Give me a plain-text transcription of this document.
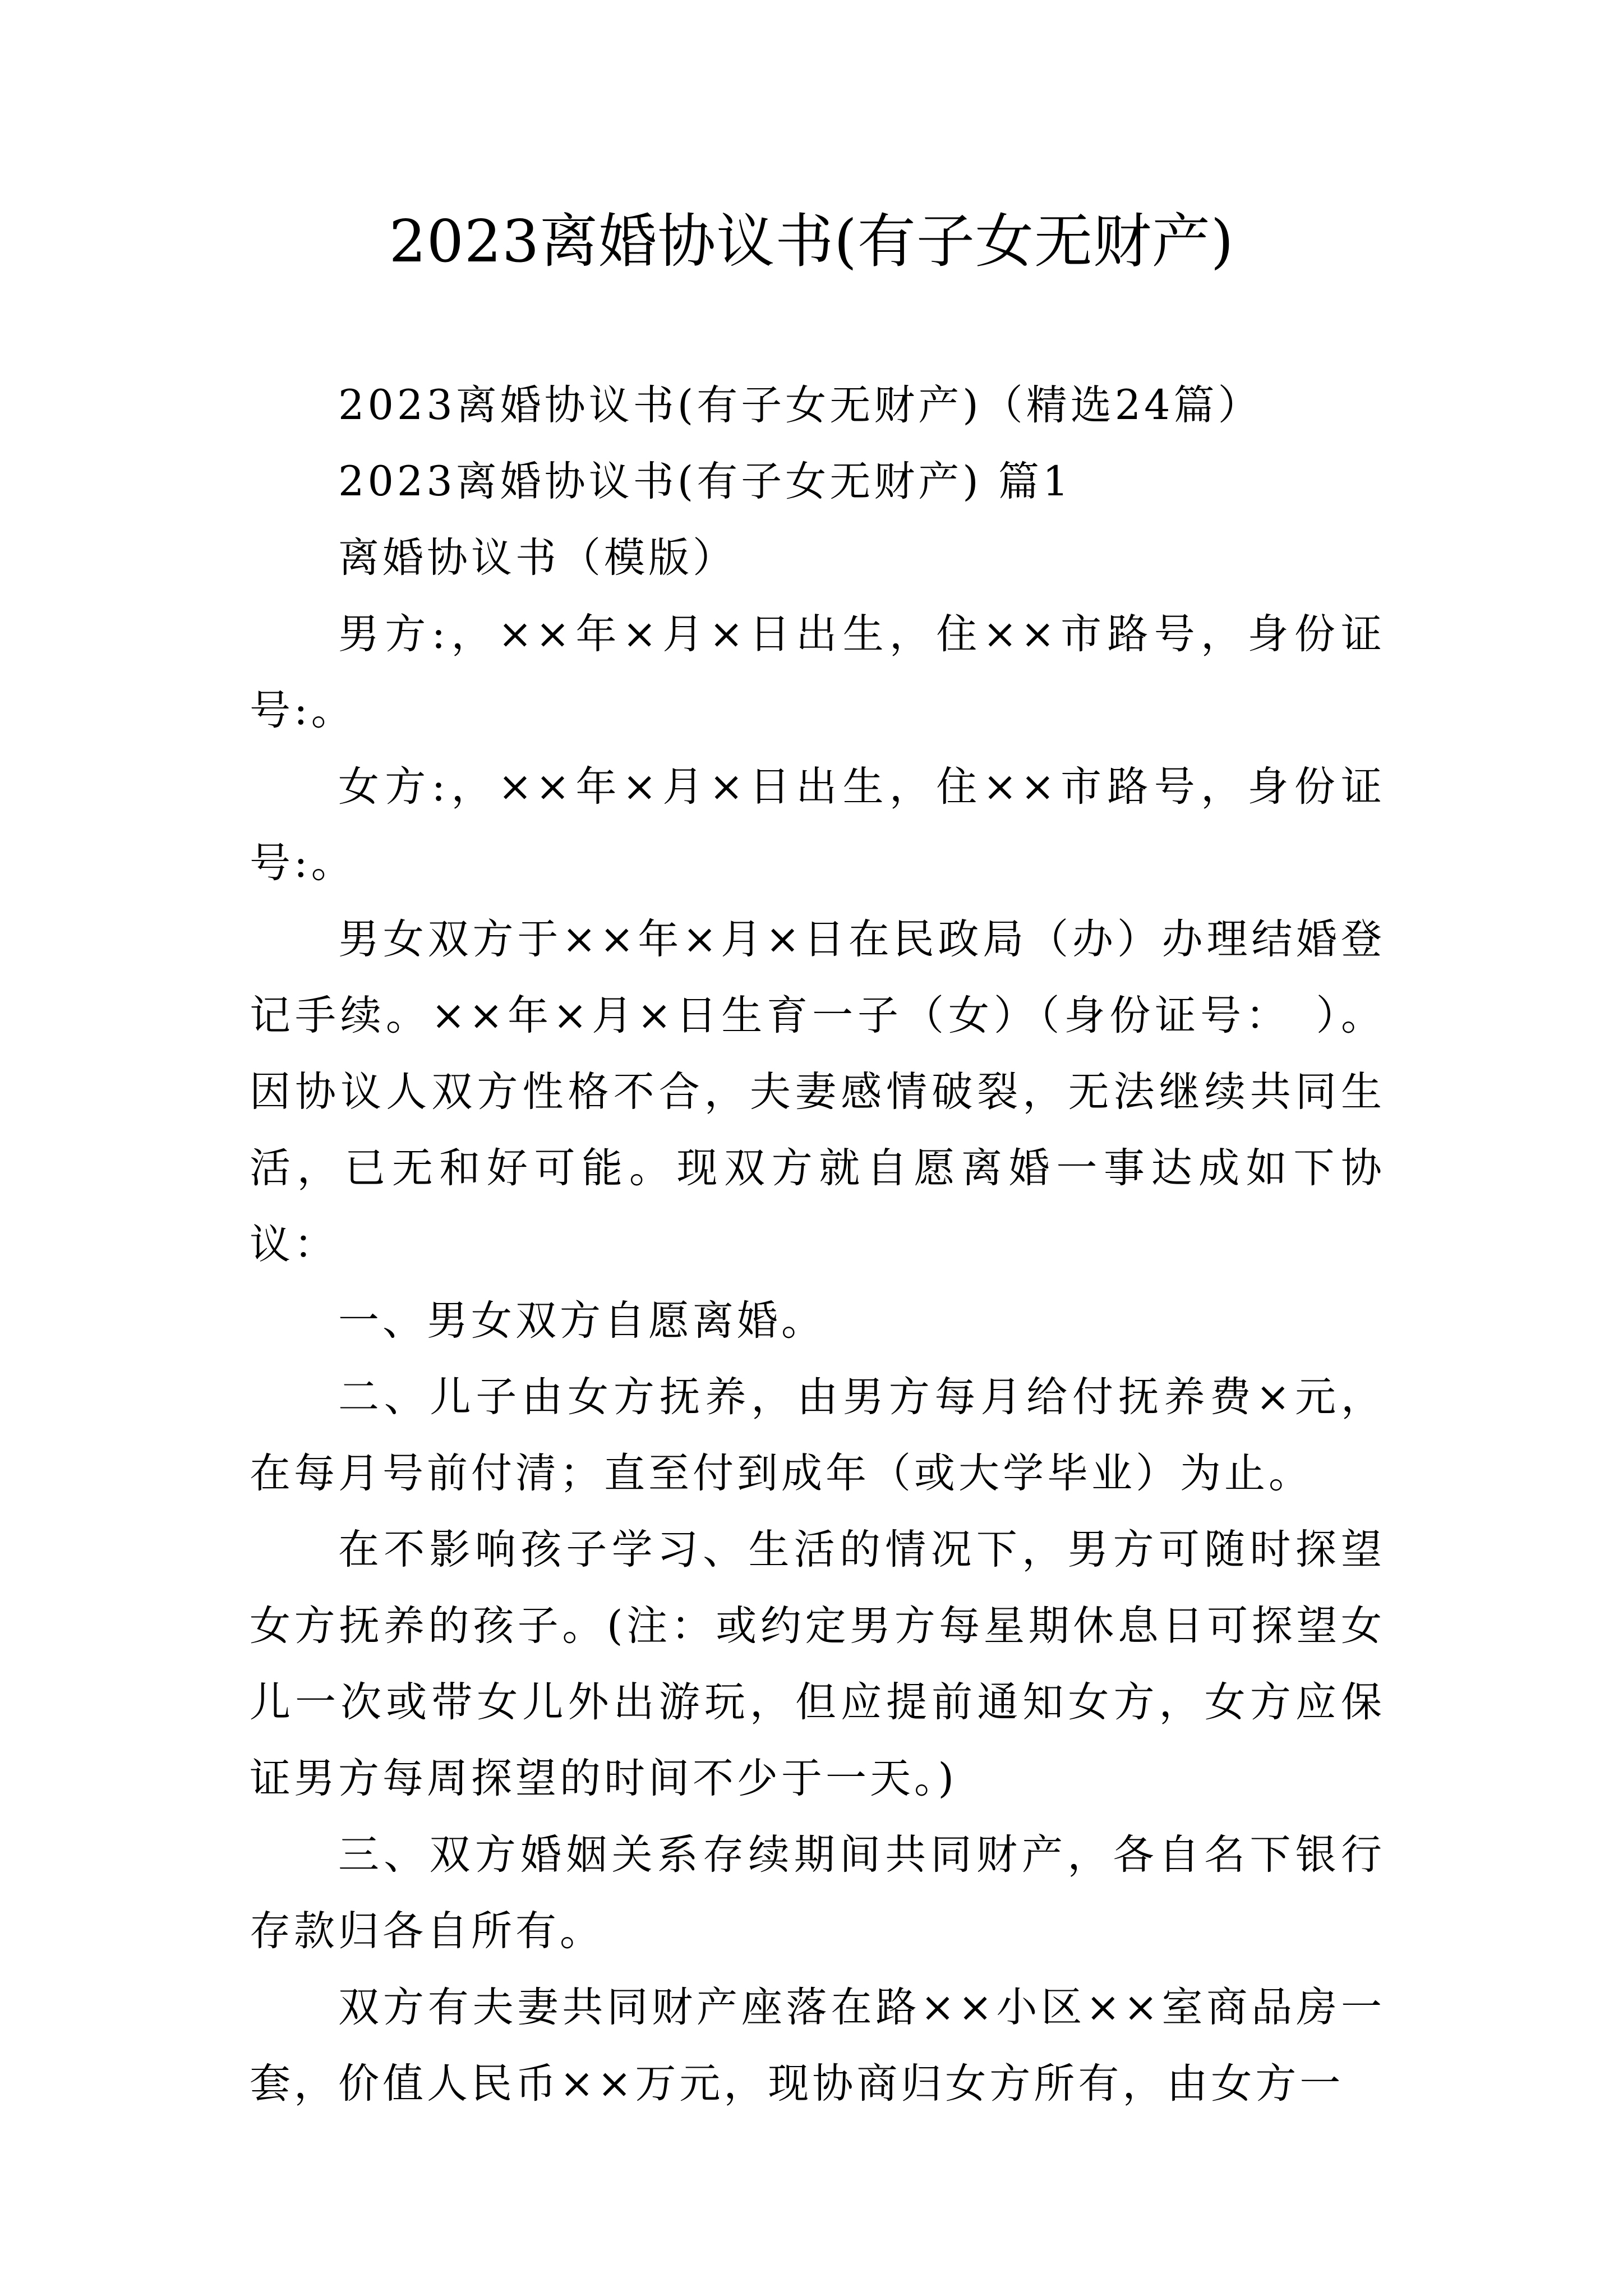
2023离婚协议书(有子女无财产)

2023离婚协议书(有子女无财产)（精选24篇）

2023离婚协议书(有子女无财产) 篇1

离婚协议书（模版）

男方:，××年×月×日出生，住××市路号，身份证号:。

女方:，××年×月×日出生，住××市路号，身份证号:。

男女双方于××年×月×日在民政局（办）办理结婚登记手续。××年×月×日生育一子（女）（身份证号：　）。因协议人双方性格不合，夫妻感情破裂，无法继续共同生活，已无和好可能。现双方就自愿离婚一事达成如下协议：

一、男女双方自愿离婚。

二、儿子由女方抚养，由男方每月给付抚养费×元，在每月号前付清；直至付到成年（或大学毕业）为止。

在不影响孩子学习、生活的情况下，男方可随时探望女方抚养的孩子。(注：或约定男方每星期休息日可探望女儿一次或带女儿外出游玩，但应提前通知女方，女方应保证男方每周探望的时间不少于一天。)

三、双方婚姻关系存续期间共同财产，各自名下银行存款归各自所有。

双方有夫妻共同财产座落在路××小区××室商品房一套，价值人民币××万元，现协商归女方所有，由女方一
